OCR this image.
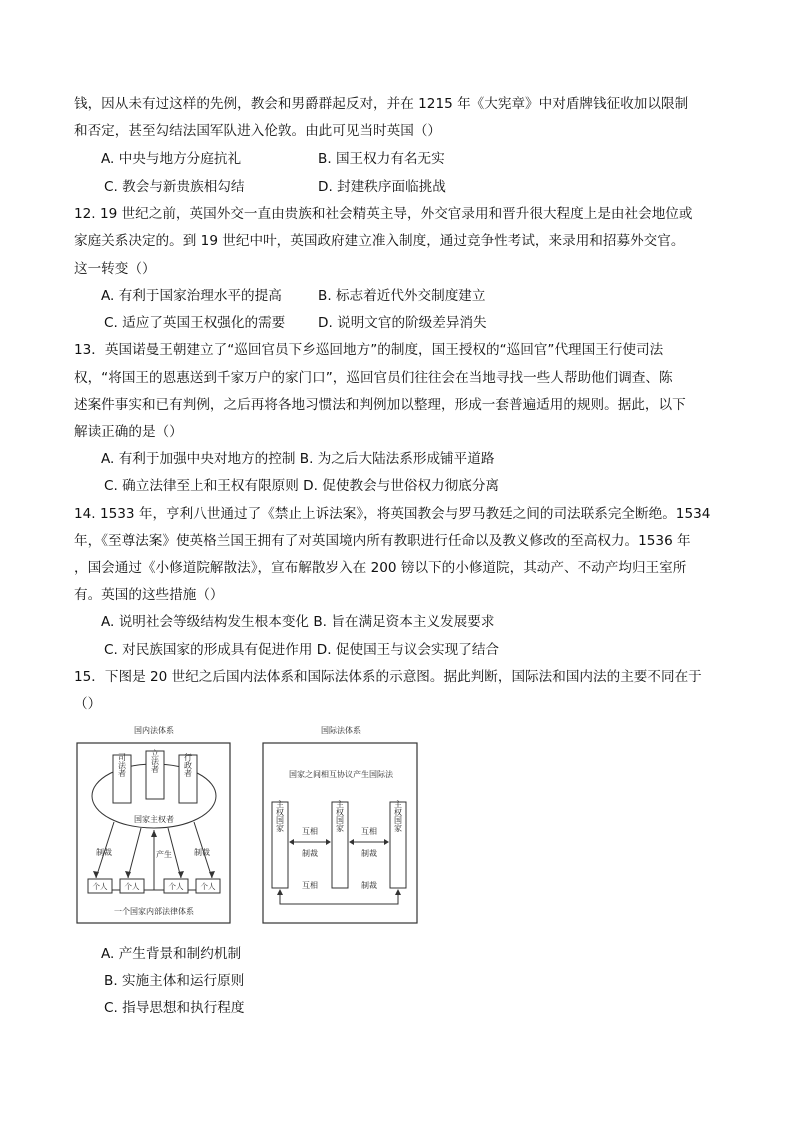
钱，因从未有过这样的先例，教会和男爵群起反对，并在 1215 年《大宪章》中对盾牌钱征收加以限制
和否定，甚至勾结法国军队进入伦敦。由此可见当时英国（）
A. 中央与地方分庭抗礼	B. 国王权力有名无实
C. 教会与新贵族相勾结	D. 封建秩序面临挑战
12. 19 世纪之前，英国外交一直由贵族和社会精英主导，外交官录用和晋升很大程度上是由社会地位或
家庭关系决定的。到 19 世纪中叶，英国政府建立准入制度，通过竞争性考试，来录用和招募外交官。
这一转变（）
A. 有利于国家治理水平的提高	B. 标志着近代外交制度建立
C. 适应了英国王权强化的需要 D. 说明文官的阶级差异消失
13．英国诺曼王朝建立了“巡回官员下乡巡回地方”的制度，国王授权的“巡回官”代理国王行使司法
权，“将国王的恩惠送到千家万户的家门口”，巡回官员们往往会在当地寻找一些人帮助他们调查、陈
述案件事实和已有判例，之后再将各地习惯法和判例加以整理，形成一套普遍适用的规则。据此，以下
解读正确的是（）
A. 有利于加强中央对地方的控制 B. 为之后大陆法系形成铺平道路
C. 确立法律至上和王权有限原则 D. 促使教会与世俗权力彻底分离
14. 1533 年，亨利八世通过了《禁止上诉法案》，将英国教会与罗马教廷之间的司法联系完全断绝。1534
年，《至尊法案》使英格兰国王拥有了对英国境内所有教职进行任命以及教义修改的至高权力。1536 年
，国会通过《小修道院解散法》，宣布解散岁入在 200 镑以下的小修道院，其动产、不动产均归王室所
有。英国的这些措施（）
A. 说明社会等级结构发生根本变化 B. 旨在满足资本主义发展要求
C. 对民族国家的形成具有促进作用 D. 促使国王与议会实现了结合
15．下图是 20 世纪之后国内法体系和国际法体系的示意图。据此判断，国际法和国内法的主要不同在于
（）
国内法体系
司法者	立法者	行政者
国家主权者
制裁	产生	制裁
个人 个人	个人 个人
一个国家内部法律体系
国际法体系
国家之间相互协议产生国际法
主权国家	主权国家	主权国家
互相
制裁
互相
制裁
互相	制裁
A. 产生背景和制约机制
B. 实施主体和运行原则
C. 指导思想和执行程度
